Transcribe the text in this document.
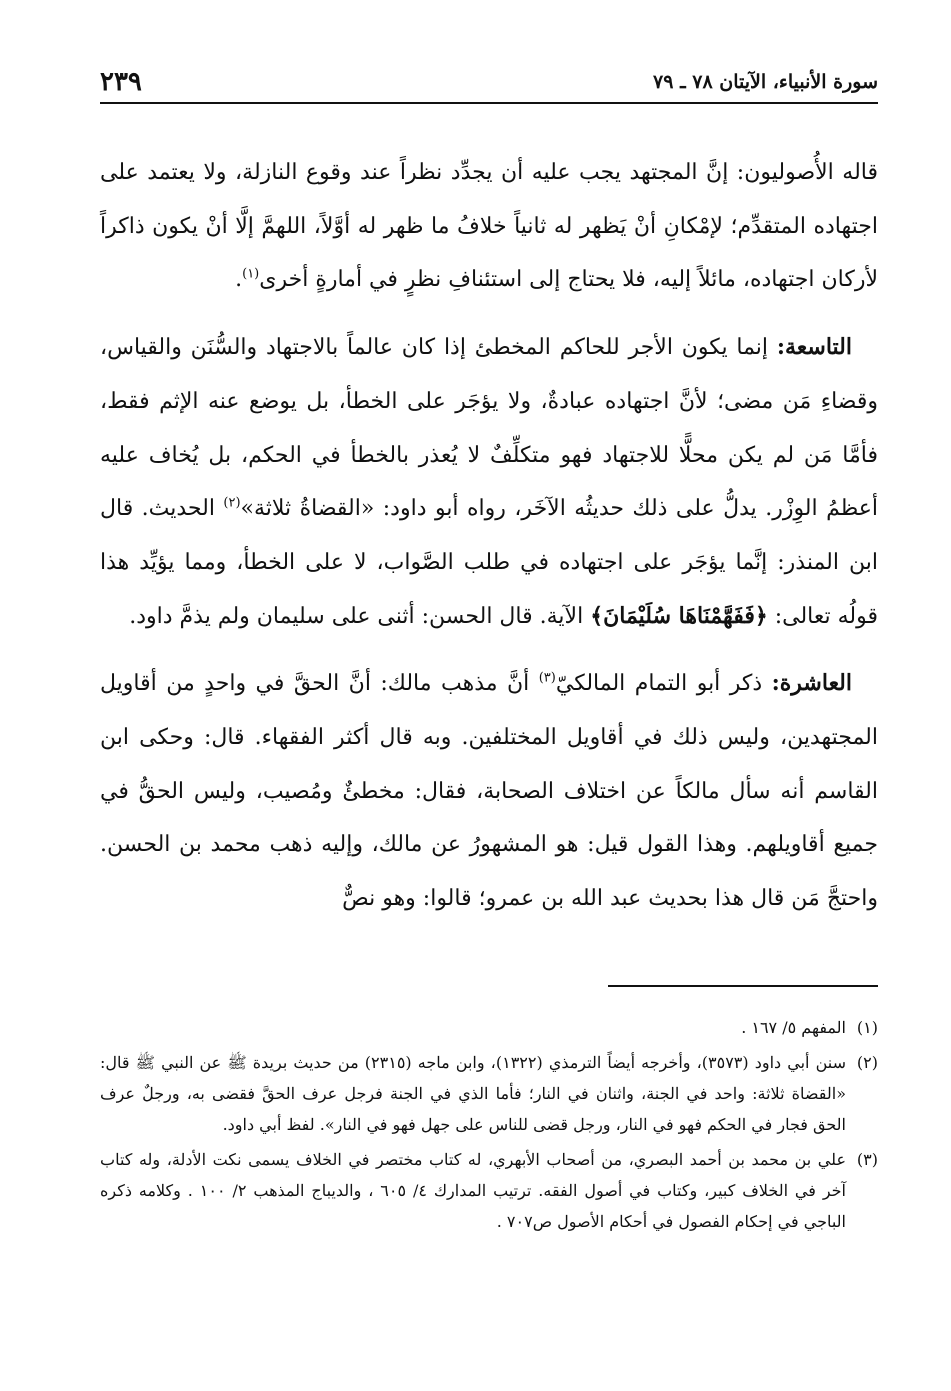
سورة الأنبياء، الآيتان ٧٨ ـ ٧٩
٢٣٩

قاله الأُصوليون: إنَّ المجتهد يجب عليه أن يجدِّد نظراً عند وقوع النازلة، ولا يعتمد على اجتهاده المتقدِّم؛ لإمْكانِ أنْ يَظهر له ثانياً خلافُ ما ظهر له أوَّلاً، اللهمَّ إلَّا أنْ يكون ذاكراً لأركان اجتهاده، مائلاً إليه، فلا يحتاج إلى استئنافِ نظرٍ في أمارةٍ أخرى$^{(١)}$.

التاسعة: إنما يكون الأجر للحاكم المخطئ إذا كان عالماً بالاجتهاد والسُّنَن والقياس، وقضاءِ مَن مضى؛ لأنَّ اجتهاده عبادةٌ، ولا يؤجَر على الخطأ، بل يوضع عنه الإثم فقط، فأمَّا مَن لم يكن محلًّا للاجتهاد فهو متكلِّفٌ لا يُعذر بالخطأ في الحكم، بل يُخاف عليه أعظمُ الوِزْر. يدلُّ على ذلك حديثُه الآخَر، رواه أبو داود: «القضاةُ ثلاثة»$^{(٢)}$ الحديث. قال ابن المنذر: إنَّما يؤجَر على اجتهاده في طلب الصَّواب، لا على الخطأ، ومما يؤيِّد هذا قولُه تعالى: ﴿فَفَهَّمْنَاهَا سُلَيْمَانَ﴾ الآية. قال الحسن: أثنى على سليمان ولم يذمَّ داود.

العاشرة: ذكر أبو التمام المالكيّ$^{(٣)}$ أنَّ مذهب مالك: أنَّ الحقَّ في واحدٍ من أقاويل المجتهدين، وليس ذلك في أقاويل المختلفين. وبه قال أكثر الفقهاء. قال: وحكى ابن القاسم أنه سأل مالكاً عن اختلاف الصحابة، فقال: مخطئٌ ومُصيب، وليس الحقُّ في جميع أقاويلهم. وهذا القول قيل: هو المشهورُ عن مالك، وإليه ذهب محمد بن الحسن. واحتجَّ مَن قال هذا بحديث عبد الله بن عمرو؛ قالوا: وهو نصٌّ

(١)
المفهم ٥/ ١٦٧ .
(٢)
سنن أبي داود (٣٥٧٣)، وأخرجه أيضاً الترمذي (١٣٢٢)، وابن ماجه (٢٣١٥) من حديث بريدة ﷺ عن النبي ﷺ قال: «القضاة ثلاثة: واحد في الجنة، واثنان في النار؛ فأما الذي في الجنة فرجل عرف الحقَّ فقضى به، ورجلٌ عرف الحق فجار في الحكم فهو في النار، ورجل قضى للناس على جهل فهو في النار». لفظ أبي داود.
(٣)
علي بن محمد بن أحمد البصري، من أصحاب الأبهري، له كتاب مختصر في الخلاف يسمى نكت الأدلة، وله كتاب آخر في الخلاف كبير، وكتاب في أصول الفقه. ترتيب المدارك ٤/ ٦٠٥ ، والديباج المذهب ٢/ ١٠٠ . وكلامه ذكره الباجي في إحكام الفصول في أحكام الأصول ص٧٠٧ .
